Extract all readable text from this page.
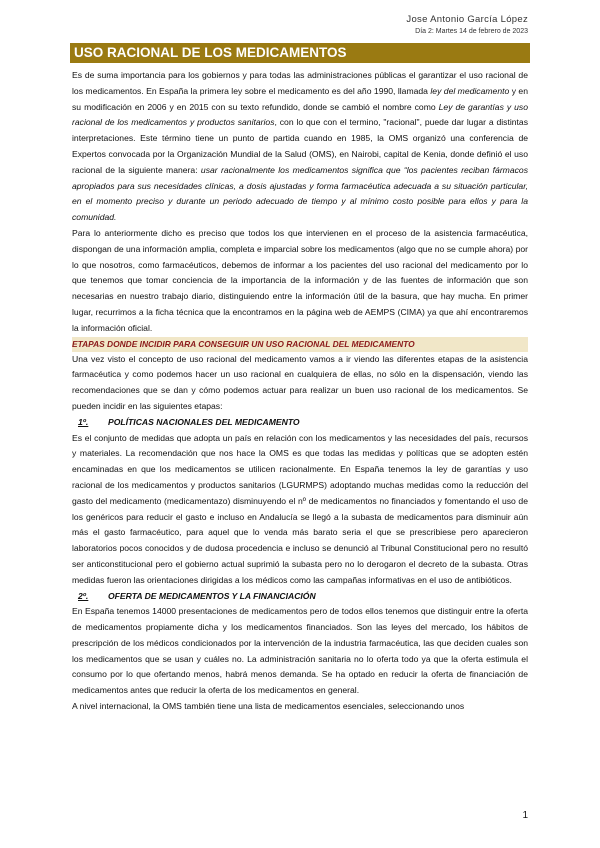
Jose Antonio García López
Día 2: Martes 14 de febrero de 2023
USO RACIONAL DE LOS MEDICAMENTOS

Es de suma importancia para los gobiernos y para todas las administraciones públicas el garantizar el uso racional de los medicamentos. En España la primera ley sobre el medicamento es del año 1990, llamada ley del medicamento y en su modificación en 2006 y en 2015 con su texto refundido, donde se cambió el nombre como Ley de garantías y uso racional de los medicamentos y productos sanitarios, con lo que con el termino, "racional", puede dar lugar a distintas interpretaciones. Este término tiene un punto de partida cuando en 1985, la OMS organizó una conferencia de Expertos convocada por la Organización Mundial de la Salud (OMS), en Nairobi, capital de Kenia, donde definió el uso racional de la siguiente manera: usar racionalmente los medicamentos significa que “los pacientes reciban fármacos apropiados para sus necesidades clínicas, a dosis ajustadas y forma farmacéutica adecuada a su situación particular, en el momento preciso y durante un periodo adecuado de tiempo y al mínimo costo posible para ellos y para la comunidad.

Para lo anteriormente dicho es preciso que todos los que intervienen en el proceso de la asistencia farmacéutica, dispongan de una información amplia, completa e imparcial sobre los medicamentos (algo que no se cumple ahora) por lo que nosotros, como farmacéuticos, debemos de informar a los pacientes del uso racional del medicamento por lo que tenemos que tomar conciencia de la importancia de la información y de las fuentes de información que son necesarias en nuestro trabajo diario, distinguiendo entre la información útil de la basura, que hay mucha. En primer lugar, recurrimos a la ficha técnica que la encontramos en la página web de AEMPS (CIMA) ya que ahí encontraremos la información oficial.

ETAPAS DONDE INCIDIR PARA CONSEGUIR UN USO RACIONAL DEL MEDICAMENTO

Una vez visto el concepto de uso racional del medicamento vamos a ir viendo las diferentes etapas de la asistencia farmacéutica y como podemos hacer un uso racional en cualquiera de ellas, no sólo en la dispensación, viendo las recomendaciones que se dan y cómo podemos actuar para realizar un buen uso racional de los medicamentos. Se pueden incidir en las siguientes etapas:

1º. POLÍTICAS NACIONALES DEL MEDICAMENTO

Es el conjunto de medidas que adopta un país en relación con los medicamentos y las necesidades del país, recursos y materiales. La recomendación que nos hace la OMS es que todas las medidas y políticas que se adopten estén encaminadas en que los medicamentos se utilicen racionalmente. En España tenemos la ley de garantías y uso racional de los medicamentos y productos sanitarios (LGURMPS) adoptando muchas medidas como la reducción del gasto del medicamento (medicamentazo) disminuyendo el nº de medicamentos no financiados y fomentando el uso de los genéricos para reducir el gasto e incluso en Andalucía se llegó a la subasta de medicamentos para disminuir aún más el gasto farmacéutico, para aquel que lo venda más barato seria el que se prescribiese pero aparecieron laboratorios pocos conocidos y de dudosa procedencia e incluso se denunció al Tribunal Constitucional pero no resultó ser anticonstitucional pero el gobierno actual suprimió la subasta pero no lo derogaron el decreto de la subasta. Otras medidas fueron las orientaciones dirigidas a los médicos como las campañas informativas en el uso de antibióticos.

2º. OFERTA DE MEDICAMENTOS Y LA FINANCIACIÓN

En España tenemos 14000 presentaciones de medicamentos pero de todos ellos tenemos que distinguir entre la oferta de medicamentos propiamente dicha y los medicamentos financiados. Son las leyes del mercado, los hábitos de prescripción de los médicos condicionados por la intervención de la industria farmacéutica, las que deciden cuales son los medicamentos que se usan y cuáles no. La administración sanitaria no lo oferta todo ya que la oferta estimula el consumo por lo que ofertando menos, habrá menos demanda. Se ha optado en reducir la oferta de financiación de medicamentos antes que reducir la oferta de los medicamentos en general.

A nivel internacional, la OMS también tiene una lista de medicamentos esenciales, seleccionando unos

1
